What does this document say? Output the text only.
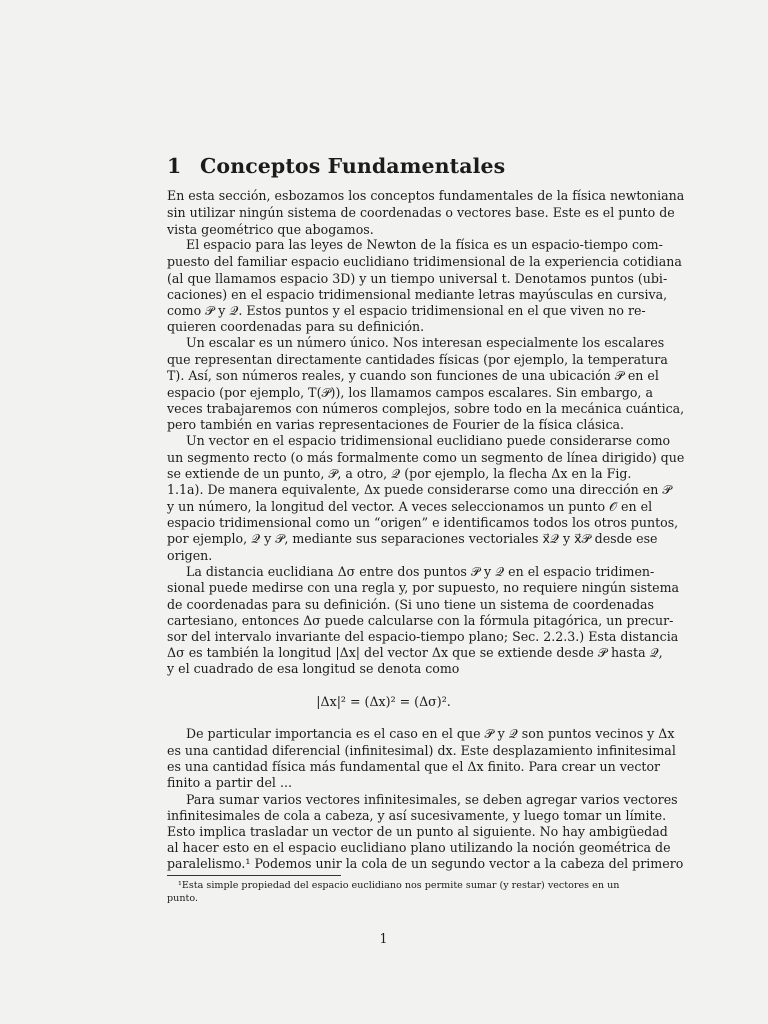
1 Conceptos Fundamentales
En esta sección, esbozamos los conceptos fundamentales de la física newtoniana
sin utilizar ningún sistema de coordenadas o vectores base. Este es el punto de
vista geométrico que abogamos.
El espacio para las leyes de Newton de la física es un espacio-tiempo com-
puesto del familiar espacio euclidiano tridimensional de la experiencia cotidiana
(al que llamamos espacio 3D) y un tiempo universal t. Denotamos puntos (ubi-
caciones) en el espacio tridimensional mediante letras mayúsculas en cursiva,
como 𝒫 y 𝒬. Estos puntos y el espacio tridimensional en el que viven no re-
quieren coordenadas para su definición.
Un escalar es un número único. Nos interesan especialmente los escalares
que representan directamente cantidades físicas (por ejemplo, la temperatura
T). Así, son números reales, y cuando son funciones de una ubicación 𝒫 en el
espacio (por ejemplo, T(𝒫)), los llamamos campos escalares. Sin embargo, a
veces trabajaremos con números complejos, sobre todo en la mecánica cuántica,
pero también en varias representaciones de Fourier de la física clásica.
Un vector en el espacio tridimensional euclidiano puede considerarse como
un segmento recto (o más formalmente como un segmento de línea dirigido) que
se extiende de un punto, 𝒫, a otro, 𝒬 (por ejemplo, la flecha Δx en la Fig.
1.1a). De manera equivalente, Δx puede considerarse como una dirección en 𝒫
y un número, la longitud del vector. A veces seleccionamos un punto 𝒪 en el
espacio tridimensional como un “origen” e identificamos todos los otros puntos,
por ejemplo, 𝒬 y 𝒫, mediante sus separaciones vectoriales x⃗𝒬 y x⃗𝒫 desde ese
origen.
La distancia euclidiana Δσ entre dos puntos 𝒫 y 𝒬 en el espacio tridimen-
sional puede medirse con una regla y, por supuesto, no requiere ningún sistema
de coordenadas para su definición. (Si uno tiene un sistema de coordenadas
cartesiano, entonces Δσ puede calcularse con la fórmula pitagórica, un precur-
sor del intervalo invariante del espacio-tiempo plano; Sec. 2.2.3.) Esta distancia
Δσ es también la longitud |Δx| del vector Δx que se extiende desde 𝒫 hasta 𝒬,
y el cuadrado de esa longitud se denota como
|Δx|² = (Δx)² = (Δσ)².
De particular importancia es el caso en el que 𝒫 y 𝒬 son puntos vecinos y Δx
es una cantidad diferencial (infinitesimal) dx. Este desplazamiento infinitesimal
es una cantidad física más fundamental que el Δx finito. Para crear un vector
finito a partir del ...
Para sumar varios vectores infinitesimales, se deben agregar varios vectores
infinitesimales de cola a cabeza, y así sucesivamente, y luego tomar un límite.
Esto implica trasladar un vector de un punto al siguiente. No hay ambigüedad
al hacer esto en el espacio euclidiano plano utilizando la noción geométrica de
paralelismo.¹ Podemos unir la cola de un segundo vector a la cabeza del primero
¹Esta simple propiedad del espacio euclidiano nos permite sumar (y restar) vectores en un
punto.
1
